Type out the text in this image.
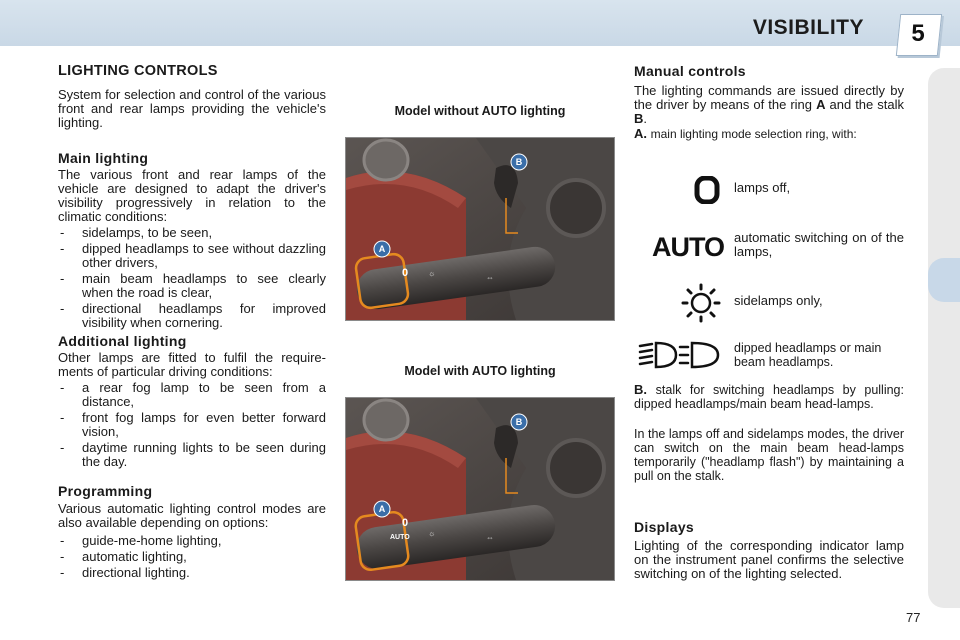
VISIBILITY	5
LIGHTING CONTROLS
System for selection and control of the various front and rear lamps providing the vehicle's lighting.
Main lighting
The various front and rear lamps of the vehicle are designed to adapt the driver's visibility progressively in relation to the climatic conditions:
- sidelamps, to be seen,
- dipped headlamps to see without dazzling other drivers,
- main beam headlamps to see clearly when the road is clear,
- directional headlamps for improved visibility when cornering.
Additional lighting
Other lamps are fitted to fulfil the require-ments of particular driving conditions:
- a rear fog lamp to be seen from a distance,
- front fog lamps for even better forward vision,
- daytime running lights to be seen during the day.
Programming
Various automatic lighting control modes are also available depending on options:
- guide-me-home lighting,
- automatic lighting,
- directional lighting.
Model without AUTO lighting
0 ☼	⇔
A
B
Model with AUTO lighting
0
AUTO ☼	⇔
A
B
Manual controls
The lighting commands are issued directly by the driver by means of the ring A and the stalk B.
A. main lighting mode selection ring, with:
lamps off,
AUTO automatic switching on of the lamps,
sidelamps only,
dipped headlamps or main beam headlamps.
B. stalk for switching headlamps by pulling: dipped headlamps/main beam head-lamps.
In the lamps off and sidelamps modes, the driver can switch on the main beam head-lamps temporarily ("headlamp flash") by maintaining a pull on the stalk.
Displays
Lighting of the corresponding indicator lamp on the instrument panel confirms the selective switching on of the lighting selected.
77
